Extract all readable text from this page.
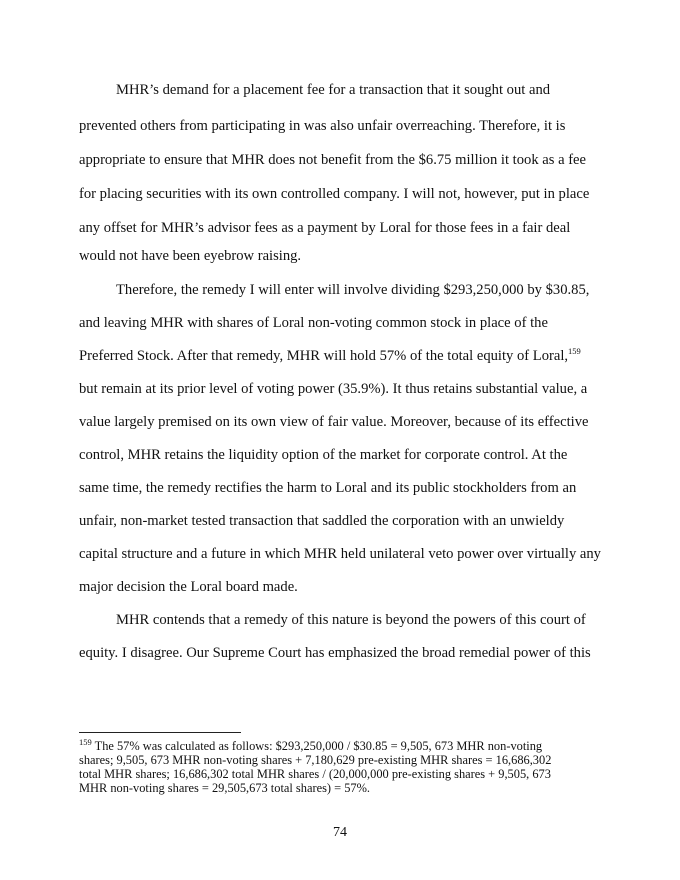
MHR’s demand for a placement fee for a transaction that it sought out and
prevented others from participating in was also unfair overreaching. Therefore, it is
appropriate to ensure that MHR does not benefit from the $6.75 million it took as a fee
for placing securities with its own controlled company. I will not, however, put in place
any offset for MHR’s advisor fees as a payment by Loral for those fees in a fair deal
would not have been eyebrow raising.
Therefore, the remedy I will enter will involve dividing $293,250,000 by $30.85,
and leaving MHR with shares of Loral non-voting common stock in place of the
Preferred Stock. After that remedy, MHR will hold 57% of the total equity of Loral,$^{159}$
but remain at its prior level of voting power (35.9%). It thus retains substantial value, a
value largely premised on its own view of fair value. Moreover, because of its effective
control, MHR retains the liquidity option of the market for corporate control. At the
same time, the remedy rectifies the harm to Loral and its public stockholders from an
unfair, non-market tested transaction that saddled the corporation with an unwieldy
capital structure and a future in which MHR held unilateral veto power over virtually any
major decision the Loral board made.
MHR contends that a remedy of this nature is beyond the powers of this court of
equity. I disagree. Our Supreme Court has emphasized the broad remedial power of this
$^{159}$ The 57% was calculated as follows: $293,250,000 / $30.85 = 9,505, 673 MHR non-voting
shares; 9,505, 673 MHR non-voting shares + 7,180,629 pre-existing MHR shares = 16,686,302
total MHR shares; 16,686,302 total MHR shares / (20,000,000 pre-existing shares + 9,505, 673
MHR non-voting shares = 29,505,673 total shares) = 57%.
74
